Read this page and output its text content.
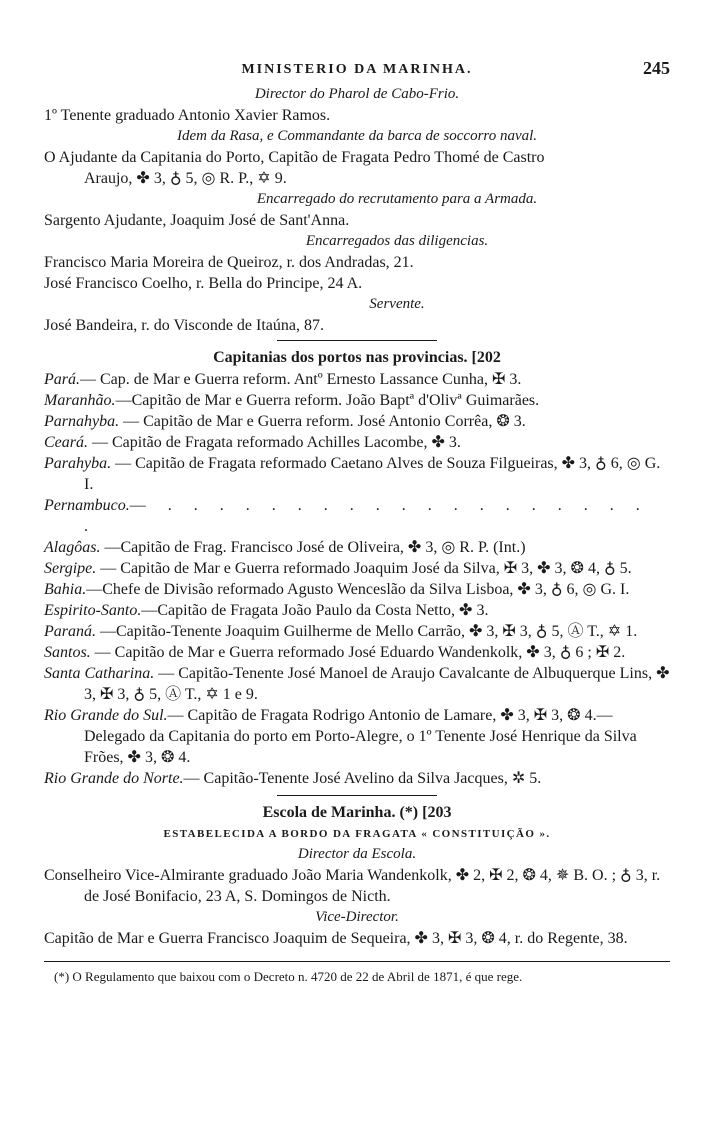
MINISTERIO DA MARINHA.	245
Director do Pharol de Cabo-Frio.

1º Tenente graduado Antonio Xavier Ramos.

Idem da Rasa, e Commandante da barca de soccorro naval.

O Ajudante da Capitania do Porto, Capitão de Fragata Pedro Thomé de Castro

Araujo, ✤ 3, ♁ 5, ◎ R. P., ✡ 9.

Encarregado do recrutamento para a Armada.

Sargento Ajudante, Joaquim José de Sant'Anna.

Encarregados das diligencias.

Francisco Maria Moreira de Queiroz, r. dos Andradas, 21.

José Francisco Coelho, r. Bella do Principe, 24 A.

Servente.

José Bandeira, r. do Visconde de Itaúna, 87.

Capitanias dos portos nas provincias. [202

Pará.— Cap. de Mar e Guerra reform. Antº Ernesto Lassance Cunha, ✠ 3.

Maranhão.—Capitão de Mar e Guerra reform. João Baptª d'Olivª Guimarães.

Parnahyba. — Capitão de Mar e Guerra reform. José Antonio Corrêa, ❂ 3.

Ceará. — Capitão de Fragata reformado Achilles Lacombe, ✤ 3.

Parahyba. — Capitão de Fragata reformado Caetano Alves de Souza Filgueiras, ✤ 3, ♁ 6, ◎ G. I.

Pernambuco.— . . . . . . . . . . . . . . . . . . . .

Alagôas. —Capitão de Frag. Francisco José de Oliveira, ✤ 3, ◎ R. P. (Int.)

Sergipe. — Capitão de Mar e Guerra reformado Joaquim José da Silva, ✠ 3, ✤ 3, ❂ 4, ♁ 5.

Bahia.—Chefe de Divisão reformado Agusto Wenceslão da Silva Lisboa, ✤ 3, ♁ 6, ◎ G. I.

Espirito-Santo.—Capitão de Fragata João Paulo da Costa Netto, ✤ 3.

Paraná. —Capitão-Tenente Joaquim Guilherme de Mello Carrão, ✤ 3, ✠ 3, ♁ 5, Ⓐ T., ✡ 1.

Santos. — Capitão de Mar e Guerra reformado José Eduardo Wandenkolk, ✤ 3, ♁ 6 ; ✠ 2.

Santa Catharina. — Capitão-Tenente José Manoel de Araujo Cavalcante de Albuquerque Lins, ✤ 3, ✠ 3, ♁ 5, Ⓐ T., ✡ 1 e 9.

Rio Grande do Sul.— Capitão de Fragata Rodrigo Antonio de Lamare, ✤ 3, ✠ 3, ❂ 4.—Delegado da Capitania do porto em Porto-Alegre, o 1º Tenente José Henrique da Silva Frões, ✤ 3, ❂ 4.

Rio Grande do Norte.— Capitão-Tenente José Avelino da Silva Jacques, ✲ 5.

Escola de Marinha. (*) [203
ESTABELECIDA A BORDO DA FRAGATA « CONSTITUIÇÃO ».
Director da Escola.

Conselheiro Vice-Almirante graduado João Maria Wandenkolk, ✤ 2, ✠ 2, ❂ 4, ✵ B. O. ; ♁ 3, r. de José Bonifacio, 23 A, S. Domingos de Nicth.

Vice-Director.

Capitão de Mar e Guerra Francisco Joaquim de Sequeira, ✤ 3, ✠ 3, ❂ 4, r. do Regente, 38.

(*) O Regulamento que baixou com o Decreto n. 4720 de 22 de Abril de 1871, é que rege.
